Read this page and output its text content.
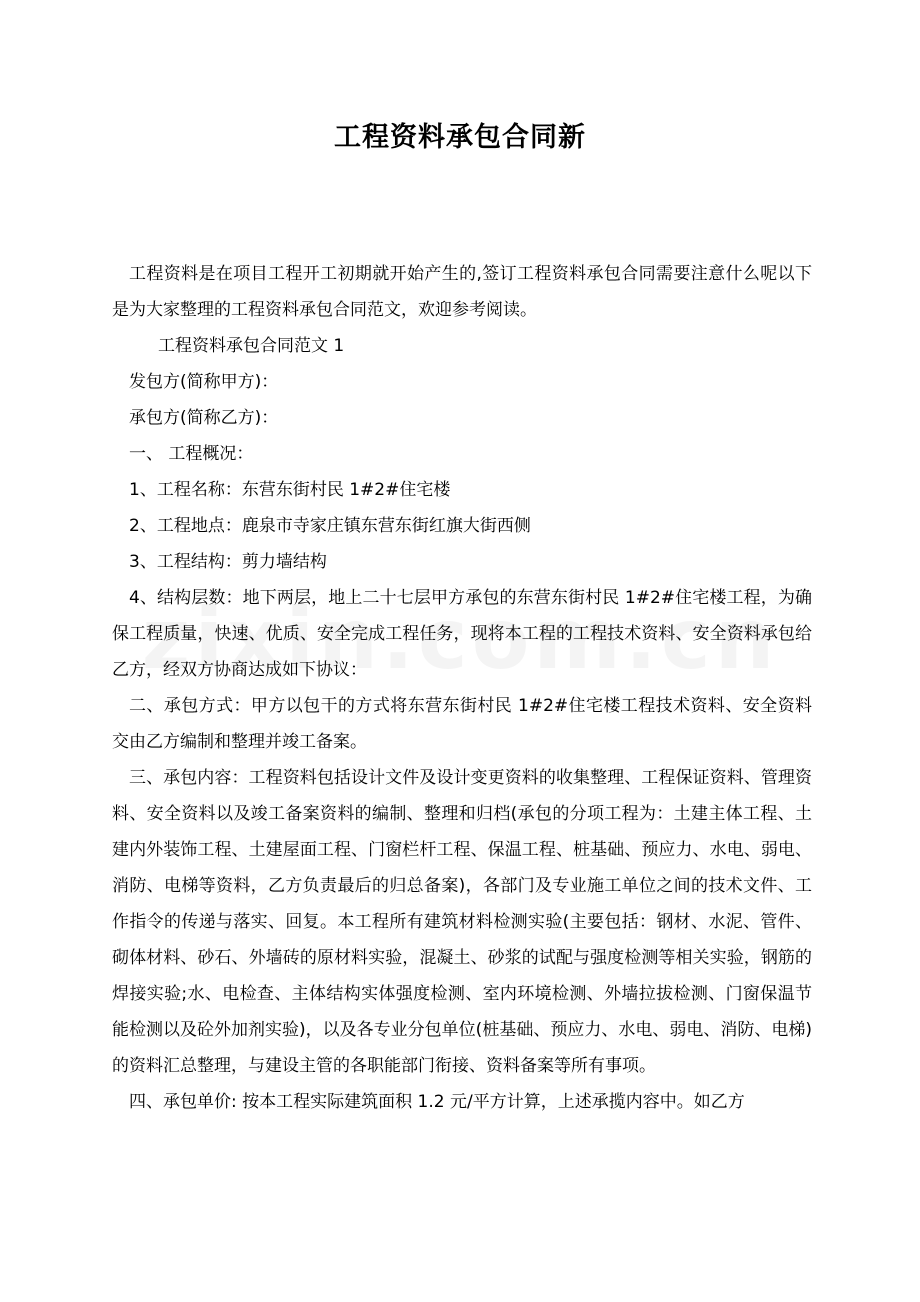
工程资料承包合同新

工程资料是在项目工程开工初期就开始产生的,签订工程资料承包合同需要注意什么呢以下是为大家整理的工程资料承包合同范文，欢迎参考阅读。

工程资料承包合同范文 1

发包方(简称甲方)：

承包方(简称乙方)：

一、 工程概况：

1、工程名称：东营东街村民 1#2#住宅楼

2、工程地点：鹿泉市寺家庄镇东营东街红旗大街西侧

3、工程结构：剪力墙结构

4、结构层数：地下两层，地上二十七层甲方承包的东营东街村民 1#2#住宅楼工程，为确保工程质量，快速、优质、安全完成工程任务，现将本工程的工程技术资料、安全资料承包给乙方，经双方协商达成如下协议：

二、承包方式：甲方以包干的方式将东营东街村民 1#2#住宅楼工程技术资料、安全资料交由乙方编制和整理并竣工备案。

三、承包内容：工程资料包括设计文件及设计变更资料的收集整理、工程保证资料、管理资料、安全资料以及竣工备案资料的编制、整理和归档(承包的分项工程为：土建主体工程、土建内外装饰工程、土建屋面工程、门窗栏杆工程、保温工程、桩基础、预应力、水电、弱电、消防、电梯等资料，乙方负责最后的归总备案)，各部门及专业施工单位之间的技术文件、工作指令的传递与落实、回复。本工程所有建筑材料检测实验(主要包括：钢材、水泥、管件、砌体材料、砂石、外墙砖的原材料实验，混凝土、砂浆的试配与强度检测等相关实验，钢筋的焊接实验;水、电检查、主体结构实体强度检测、室内环境检测、外墙拉拔检测、门窗保温节能检测以及砼外加剂实验)，以及各专业分包单位(桩基础、预应力、水电、弱电、消防、电梯)的资料汇总整理，与建设主管的各职能部门衔接、资料备案等所有事项。

四、承包单价: 按本工程实际建筑面积 1.2 元/平方计算，上述承揽内容中。如乙方
